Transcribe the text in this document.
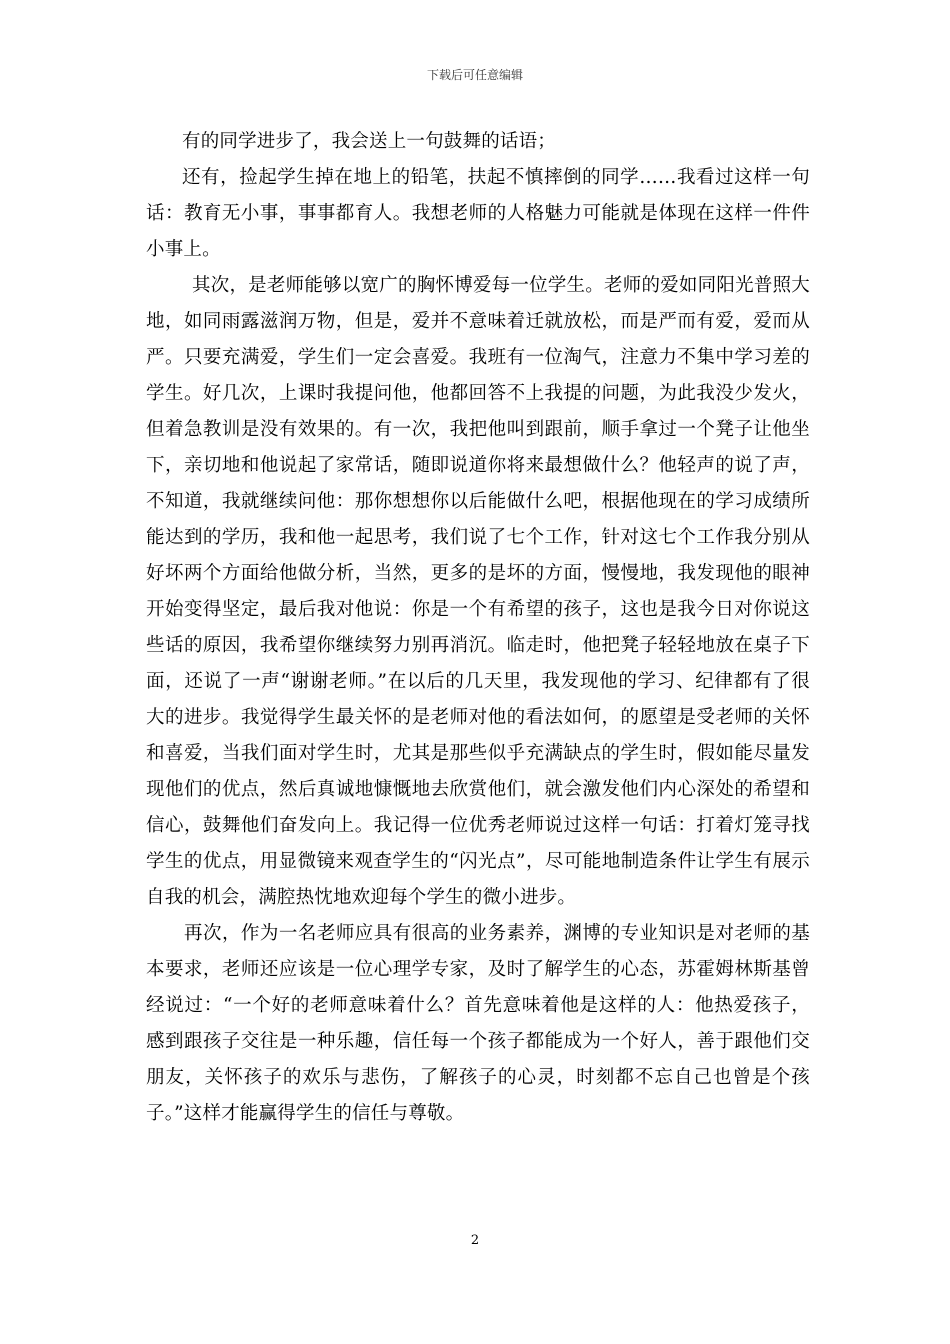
下载后可任意编辑

有的同学进步了，我会送上一句鼓舞的话语；

还有，捡起学生掉在地上的铅笔，扶起不慎摔倒的同学……我看过这样一句话：教育无小事，事事都育人。我想老师的人格魅力可能就是体现在这样一件件小事上。

其次，是老师能够以宽广的胸怀博爱每一位学生。老师的爱如同阳光普照大地，如同雨露滋润万物，但是，爱并不意味着迁就放松，而是严而有爱，爱而从严。只要充满爱，学生们一定会喜爱。我班有一位淘气，注意力不集中学习差的学生。好几次，上课时我提问他，他都回答不上我提的问题，为此我没少发火，但着急教训是没有效果的。有一次，我把他叫到跟前，顺手拿过一个凳子让他坐下，亲切地和他说起了家常话，随即说道你将来最想做什么？他轻声的说了声，不知道，我就继续问他：那你想想你以后能做什么吧，根据他现在的学习成绩所能达到的学历，我和他一起思考，我们说了七个工作，针对这七个工作我分别从好坏两个方面给他做分析，当然，更多的是坏的方面，慢慢地，我发现他的眼神开始变得坚定，最后我对他说：你是一个有希望的孩子，这也是我今日对你说这些话的原因，我希望你继续努力别再消沉。临走时，他把凳子轻轻地放在桌子下面，还说了一声“谢谢老师。”在以后的几天里，我发现他的学习、纪律都有了很大的进步。我觉得学生最关怀的是老师对他的看法如何，的愿望是受老师的关怀和喜爱，当我们面对学生时，尤其是那些似乎充满缺点的学生时，假如能尽量发现他们的优点，然后真诚地慷慨地去欣赏他们，就会激发他们内心深处的希望和信心，鼓舞他们奋发向上。我记得一位优秀老师说过这样一句话：打着灯笼寻找学生的优点，用显微镜来观查学生的“闪光点”，尽可能地制造条件让学生有展示自我的机会，满腔热忱地欢迎每个学生的微小进步。

再次，作为一名老师应具有很高的业务素养，渊博的专业知识是对老师的基本要求，老师还应该是一位心理学专家，及时了解学生的心态，苏霍姆林斯基曾经说过：“一个好的老师意味着什么？首先意味着他是这样的人：他热爱孩子，感到跟孩子交往是一种乐趣，信任每一个孩子都能成为一个好人，善于跟他们交朋友，关怀孩子的欢乐与悲伤，了解孩子的心灵，时刻都不忘自己也曾是个孩子。”这样才能赢得学生的信任与尊敬。

2
